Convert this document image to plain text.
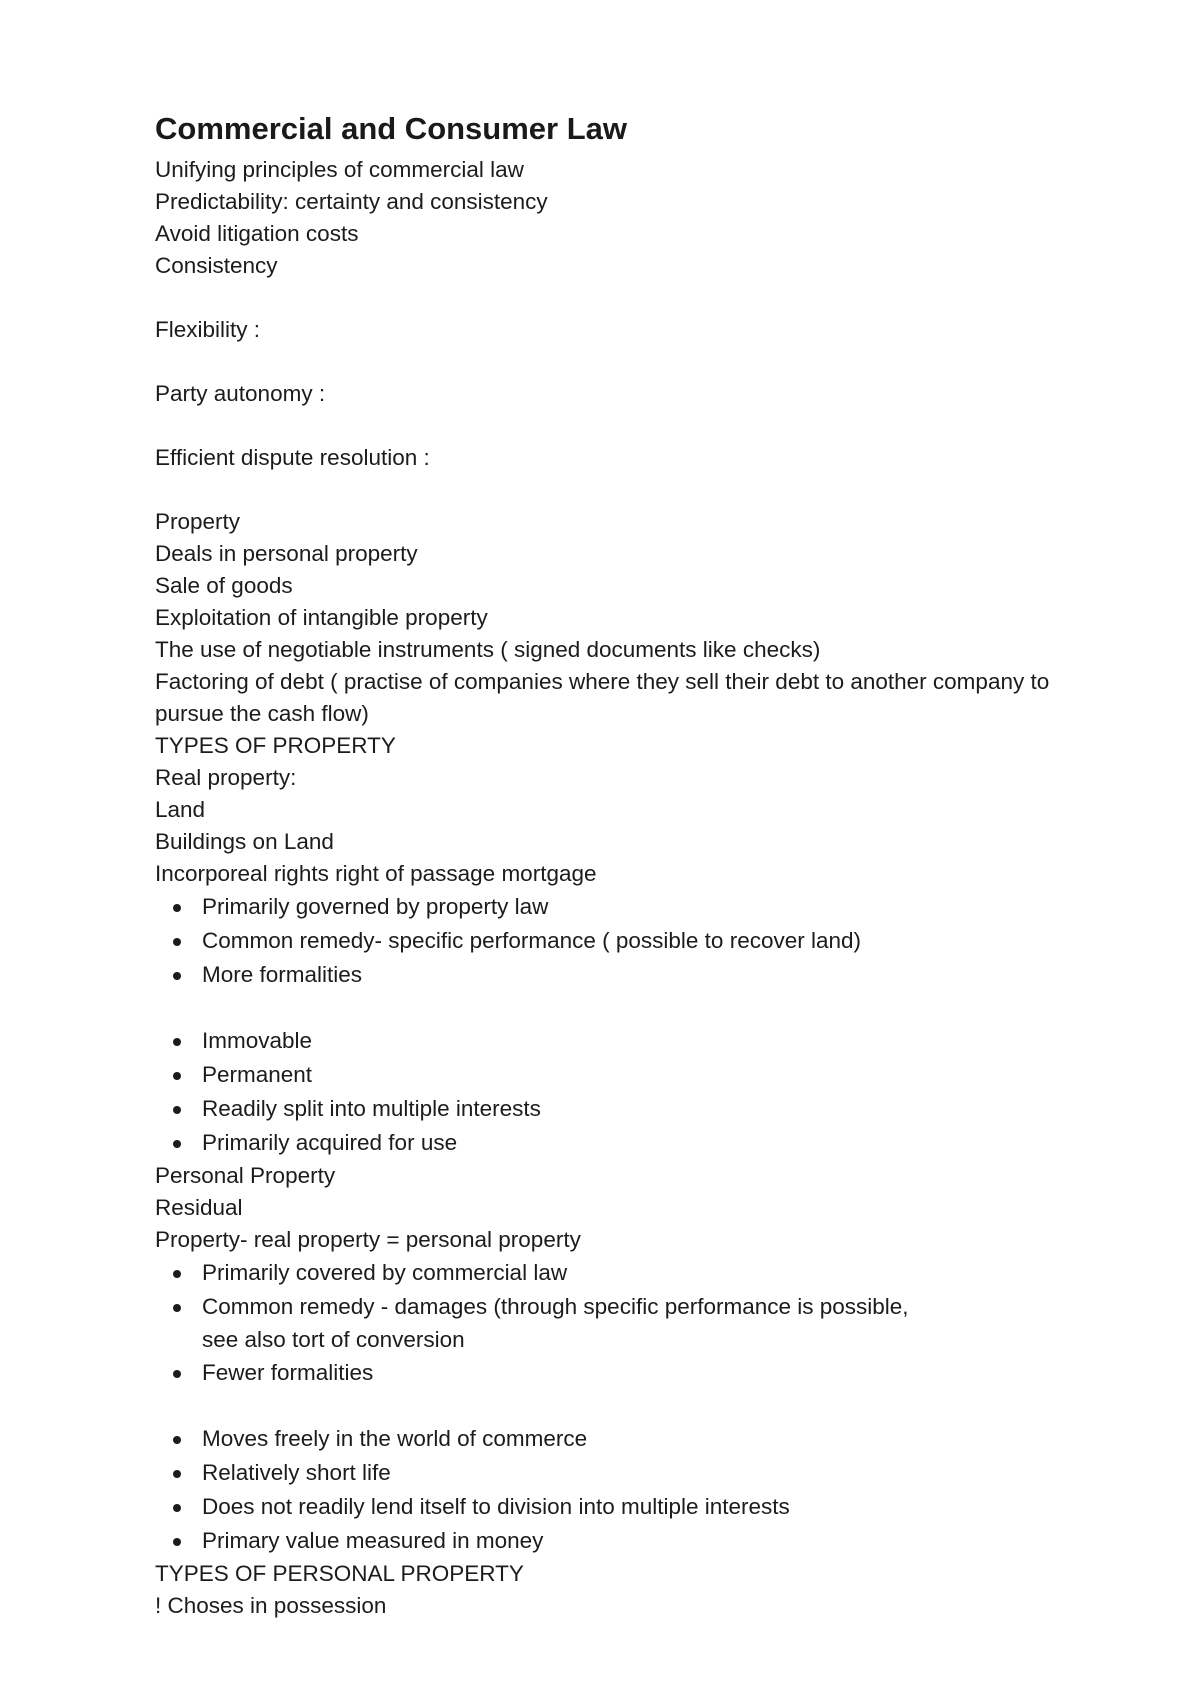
Commercial and Consumer Law

Unifying principles of commercial law

Predictability: certainty and consistency

Avoid litigation costs

Consistency

Flexibility :

Party autonomy :

Efficient dispute resolution :

Property

Deals in personal property

Sale of goods

Exploitation of intangible property

The use of negotiable instruments ( signed documents like checks)

Factoring of debt ( practise of companies where they sell their debt to another company to pursue the cash flow)

TYPES OF PROPERTY

Real property:

Land

Buildings on Land

Incorporeal rights right of passage mortgage

Primarily governed by property law
Common remedy- specific performance ( possible to recover land)
More formalities
Immovable
Permanent
Readily split into multiple interests
Primarily acquired for use

Personal Property

Residual

Property- real property = personal property

Primarily covered by commercial law
Common remedy - damages (through specific performance is possible, see also tort of conversion
Fewer formalities
Moves freely in the world of commerce
Relatively short life
Does not readily lend itself to division into multiple interests
Primary value measured in money

TYPES OF PERSONAL PROPERTY

! Choses in possession
